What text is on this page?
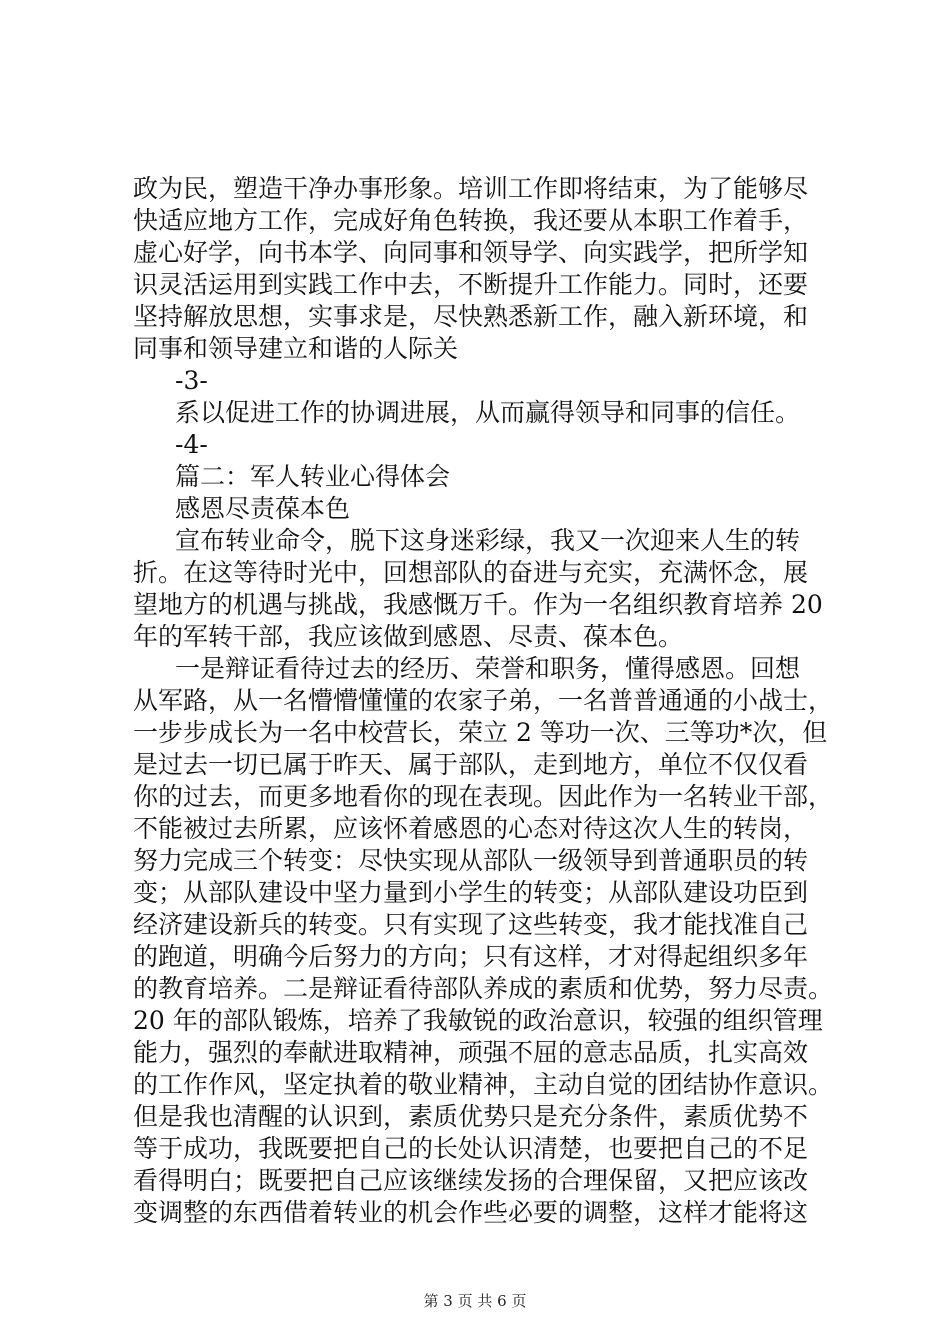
政为民，塑造干净办事形象。培训工作即将结束，为了能够尽
快适应地方工作，完成好角色转换，我还要从本职工作着手，
虚心好学，向书本学、向同事和领导学、向实践学，把所学知
识灵活运用到实践工作中去，不断提升工作能力。同时，还要
坚持解放思想，实事求是，尽快熟悉新工作，融入新环境，和
同事和领导建立和谐的人际关
-3-
系以促进工作的协调进展，从而赢得领导和同事的信任。
-4-
篇二：军人转业心得体会
感恩尽责葆本色
宣布转业命令，脱下这身迷彩绿，我又一次迎来人生的转
折。在这等待时光中，回想部队的奋进与充实，充满怀念，展
望地方的机遇与挑战，我感慨万千。作为一名组织教育培养 20
年的军转干部，我应该做到感恩、尽责、葆本色。
一是辩证看待过去的经历、荣誉和职务，懂得感恩。回想
从军路，从一名懵懵懂懂的农家子弟，一名普普通通的小战士，
一步步成长为一名中校营长，荣立 2 等功一次、三等功*次，但
是过去一切已属于昨天、属于部队，走到地方，单位不仅仅看
你的过去，而更多地看你的现在表现。因此作为一名转业干部，
不能被过去所累，应该怀着感恩的心态对待这次人生的转岗，
努力完成三个转变：尽快实现从部队一级领导到普通职员的转
变；从部队建设中坚力量到小学生的转变；从部队建设功臣到
经济建设新兵的转变。只有实现了这些转变，我才能找准自己
的跑道，明确今后努力的方向；只有这样，才对得起组织多年
的教育培养。二是辩证看待部队养成的素质和优势，努力尽责。
20 年的部队锻炼，培养了我敏锐的政治意识，较强的组织管理
能力，强烈的奉献进取精神，顽强不屈的意志品质，扎实高效
的工作作风，坚定执着的敬业精神，主动自觉的团结协作意识。
但是我也清醒的认识到，素质优势只是充分条件，素质优势不
等于成功，我既要把自己的长处认识清楚，也要把自己的不足
看得明白；既要把自己应该继续发扬的合理保留，又把应该改
变调整的东西借着转业的机会作些必要的调整，这样才能将这
第 3 页 共 6 页
